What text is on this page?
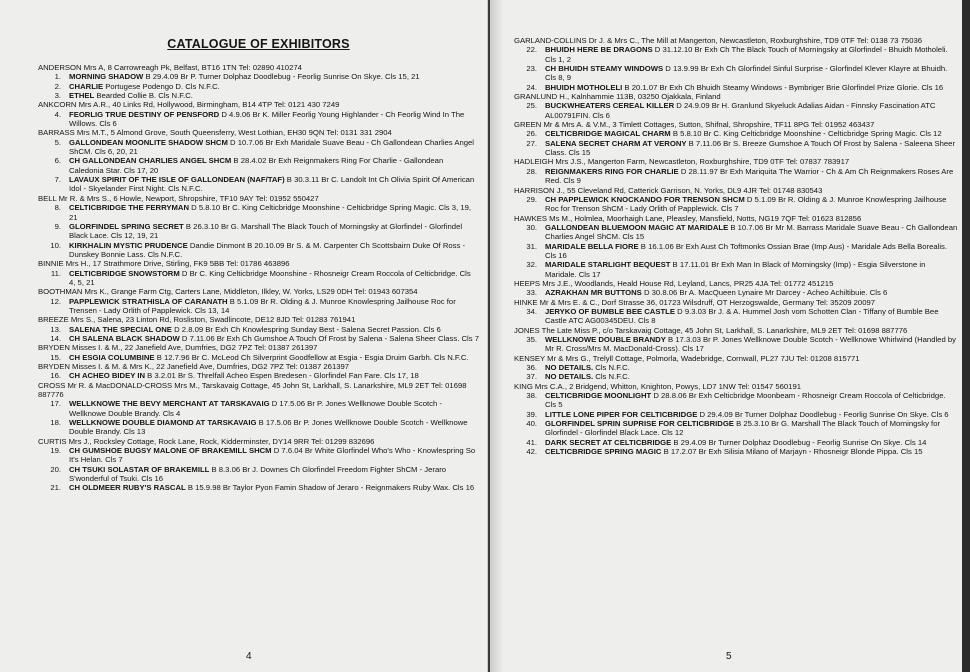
CATALOGUE OF EXHIBITORS
ANDERSON Mrs A, 8 Carrowreagh Pk, Belfast, BT16 1TN Tel: 02890 410274
1.	MORNING SHADOW B 29.4.09 Br P. Turner Dolphaz Doodlebug - Feorlig Sunrise On Skye. Cls 15, 21
2.	CHARLIE Portugese Podengo D. Cls N.F.C.
3.	ETHEL Bearded Collie B. Cls N.F.C.
ANKCORN Mrs A.R., 40 Links Rd, Hollywood, Birmingham, B14 4TP Tel: 0121 430 7249
4.	FEORLIG TRUE DESTINY OF PENSFORD D 4.9.06 Br K. Miller Feorlig Young Highlander - Ch Feorlig Wind In The Willows. Cls 6
BARRASS Mrs M.T., 5 Almond Grove, South Queensferry, West Lothian, EH30 9QN Tel: 0131 331 2904
5.	GALLONDEAN MOONLITE SHADOW SHCM D 10.7.06 Br Exh Maridale Suave Beau - Ch Gallondean Charlies Angel ShCM. Cls 6, 20, 21
6.	CH GALLONDEAN CHARLIES ANGEL SHCM B 28.4.02 Br Exh Reignmakers Ring For Charlie - Gallondean Caledonia Star. Cls 17, 20
7.	LAVAUX SPIRIT OF THE ISLE OF GALLONDEAN (NAF/TAF) B 30.3.11 Br C. Landolt Int Ch Olivia Spirit Of American Idol - Skyelander First Night. Cls N.F.C.
BELL Mr R. & Mrs S., 6 Howle, Newport, Shropshire, TF10 9AY Tel: 01952 550427
8.	CELTICBRIDGE THE FERRYMAN D 5.8.10 Br C. King Celticbridge Moonshine - Celticbridge Spring Magic. Cls 3, 19, 21
9.	GLORFINDEL SPRING SECRET B 26.3.10 Br G. Marshall The Black Touch of Morningsky at Glorfindel - Glorfindel Black Lace. Cls 12, 19, 21
10.	KIRKHALIN MYSTIC PRUDENCE Dandie Dinmont B 20.10.09 Br S. & M. Carpenter Ch Scottsbairn Duke Of Ross - Dunskey Bonnie Lass. Cls N.F.C.
BINNIE Mrs H., 17 Strathmore Drive, Stirling, FK9 5BB Tel: 01786 463896
11.	CELTICBRIDGE SNOWSTORM D Br C. King Celticbridge Moonshine - Rhosneigr Cream Roccola of Celticbridge. Cls 4, 5, 21
BOOTHMAN Mrs K., Grange Farm Ctg, Carters Lane, Middleton, Ilkley, W. Yorks, LS29 0DH Tel: 01943 607354
12.	PAPPLEWICK STRATHISLA OF CARANATH B 5.1.09 Br R. Olding & J. Munroe Knowlespring Jailhouse Roc for Trensen - Lady Orlith of Papplewick. Cls 13, 14
BREEZE Mrs S., Salena, 23 Linton Rd, Rosliston, Swadlincote, DE12 8JD Tel: 01283 761941
13.	SALENA THE SPECIAL ONE D 2.8.09 Br Exh Ch Knowlespring Sunday Best - Salena Secret Passion. Cls 6
14.	CH SALENA BLACK SHADOW D 7.11.06 Br Exh Ch Gumshoe A Touch Of Frost by Salena - Salena Sheer Class. Cls 7
BRYDEN Misses I. & M., 22 Janefield Ave, Dumfries, DG2 7PZ Tel: 01387 261397
15.	CH ESGIA COLUMBINE B 12.7.96 Br C. McLeod Ch Silverprint Goodfellow at Esgia - Esgia Druim Garbh. Cls N.F.C.
BRYDEN Misses I. & M. & Mrs K., 22 Janefield Ave, Dumfries, DG2 7PZ Tel: 01387 261397
16.	CH ACHEO BIDEY IN B 3.2.01 Br S. Threlfall Acheo Espen Bredesen - Glorfindel Fan Fare. Cls 17, 18
CROSS Mr R. & MacDONALD-CROSS Mrs M., Tarskavaig Cottage, 45 John St, Larkhall, S. Lanarkshire, ML9 2ET Tel: 01698 887776
17.	WELLKNOWE THE BEVY MERCHANT AT TARSKAVAIG D 17.5.06 Br P. Jones Wellknowe Double Scotch - Wellknowe Double Brandy. Cls 4
18.	WELLKNOWE DOUBLE DIAMOND AT TARSKAVAIG B 17.5.06 Br P. Jones Wellknowe Double Scotch - Wellknowe Double Brandy. Cls 13
CURTIS Mrs J., Rocksley Cottage, Rock Lane, Rock, Kidderminster, DY14 9RR Tel: 01299 832696
19.	CH GUMSHOE BUGSY MALONE OF BRAKEMILL SHCM D 7.6.04 Br White Glorfindel Who's Who - Knowlespring So It's Helan. Cls 7
20.	CH TSUKI SOLASTAR OF BRAKEMILL B 8.3.06 Br J. Downes Ch Glorfindel Freedom Fighter ShCM - Jeraro S'wonderful of Tsuki. Cls 16
21.	CH OLDMEER RUBY'S RASCAL B 15.9.98 Br Taylor Pyon Famin Shadow of Jeraro - Reignmakers Ruby Wax. Cls 16
4
GARLAND-COLLINS Dr J. & Mrs C., The Mill at Mangerton, Newcastleton, Roxburghshire, TD9 0TF Tel: 0138 73 75036
22.	BHUIDH HERE BE DRAGONS D 31.12.10 Br Exh Ch The Black Touch of Morningsky at Glorfindel - Bhuidh Motholeli. Cls 1, 2
23.	CH BHUIDH STEAMY WINDOWS D 13.9.99 Br Exh Ch Glorfindel Sinful Surprise - Glorfindel Klever Klayre at Bhuidh. Cls 8, 9
24.	BHUIDH MOTHOLELI B 20.1.07 Br Exh Ch Bhuidh Steamy Windows - Bymbriger Brie Glorfindel Prize Glorie. Cls 16
GRANLUND H., Kalnhammie 113B, 03250 Ojakkala, Finland
25.	BUCKWHEATERS CEREAL KILLER D 24.9.09 Br H. Granlund Skyeluck Adalias Aidan - Finnsky Fascination ATC AL00791FIN. Cls 6
GREEN Mr & Mrs A. & V.M., 3 Timlett Cottages, Sutton, Shifnal, Shropshire, TF11 8PG Tel: 01952 463437
26.	CELTICBRIDGE MAGICAL CHARM B 5.8.10 Br C. King Celticbridge Moonshine - Celticbridge Spring Magic. Cls 12
27.	SALENA SECRET CHARM AT VERONY B 7.11.06 Br S. Breeze Gumshoe A Touch Of Frost by Salena - Saleena Sheer Class. Cls 15
HADLEIGH Mrs J.S., Mangerton Farm, Newcastleton, Roxburghshire, TD9 0TF Tel: 07837 783917
28.	REIGNMAKERS RING FOR CHARLIE D 28.11.97 Br Exh Mariquita The Warrior - Ch & Am Ch Reignmakers Roses Are Red. Cls 9
HARRISON J., 55 Cleveland Rd, Catterick Garrison, N. Yorks, DL9 4JR Tel: 01748 830543
29.	CH PAPPLEWICK KNOCKANDO FOR TRENSON SHCM D 5.1.09 Br R. Olding & J. Munroe Knowlespring Jailhouse Roc for Trenson ShCM - Lady Orlith of Papplewick. Cls 7
HAWKES Ms M., Holmlea, Moorhaigh Lane, Pleasley, Mansfield, Notts, NG19 7QF Tel: 01623 812856
30.	GALLONDEAN BLUEMOON MAGIC AT MARIDALE B 10.7.06 Br Mr M. Barrass Maridale Suave Beau - Ch Gallondean Charlies Angel ShCM. Cls 15
31.	MARIDALE BELLA FIORE B 16.1.06 Br Exh Aust Ch Toftmonks Ossian Brae (Imp Aus) - Maridale Ads Bella Borealis. Cls 16
32.	MARIDALE STARLIGHT BEQUEST B 17.11.01 Br Exh Man In Black of Morningsky (Imp) - Esgia Silverstone in Maridale. Cls 17
HEEPS Mrs J.E., Woodlands, Heald House Rd, Leyland, Lancs, PR25 4JA Tel: 01772 451215
33.	AZRAKHAN MR BUTTONS D 30.8.06 Br A. MacQueen Lynaire Mr Darcey - Acheo Achiltibuie. Cls 6
HINKE Mr & Mrs E. & C., Dorf Strasse 36, 01723 Wilsdruff, OT Herzogswalde, Germany Tel: 35209 20097
34.	JERYKO OF BUMBLE BEE CASTLE D 9.3.03 Br J. & A. Hummel Josh vom Schotten Clan - Tiffany of Bumble Bee Castle ATC AG00345DEU. Cls 8
JONES The Late Miss P., c/o Tarskavaig Cottage, 45 John St, Larkhall, S. Lanarkshire, ML9 2ET Tel: 01698 887776
35.	WELLKNOWE DOUBLE BRANDY B 17.3.03 Br P. Jones Wellknowe Double Scotch - Wellknowe Whirlwind (Handled by Mr R. Cross/Mrs M. MacDonald-Cross). Cls 17
KENSEY Mr & Mrs G., Trelyll Cottage, Polmorla, Wadebridge, Cornwall, PL27 7JU Tel: 01208 815771
36.	NO DETAILS. Cls N.F.C.
37.	NO DETAILS. Cls N.F.C.
KING Mrs C.A., 2 Bridgend, Whitton, Knighton, Powys, LD7 1NW Tel: 01547 560191
38.	CELTICBRIDGE MOONLIGHT D 28.8.06 Br Exh Celticbridge Moonbeam - Rhosneigr Cream Roccola of Celticbridge. Cls 5
39.	LITTLE LONE PIPER FOR CELTICBRIDGE D 29.4.09 Br Turner Dolphaz Doodlebug - Feorlig Sunrise On Skye. Cls 6
40.	GLORFINDEL SPRIN SUPRISE FOR CELTICBRIDGE B 25.3.10 Br G. Marshall The Black Touch of Morningsky for Glorfindel - Glorfindel Black Lace. Cls 12
41.	DARK SECRET AT CELTICBRIDGE B 29.4.09 Br Turner Dolphaz Doodlebug - Feorlig Sunrise On Skye. Cls 14
42.	CELTICBRIDGE SPRING MAGIC B 17.2.07 Br Exh Silisia Milano of Marjayn - Rhosneigr Blonde Pippa. Cls 15
5
